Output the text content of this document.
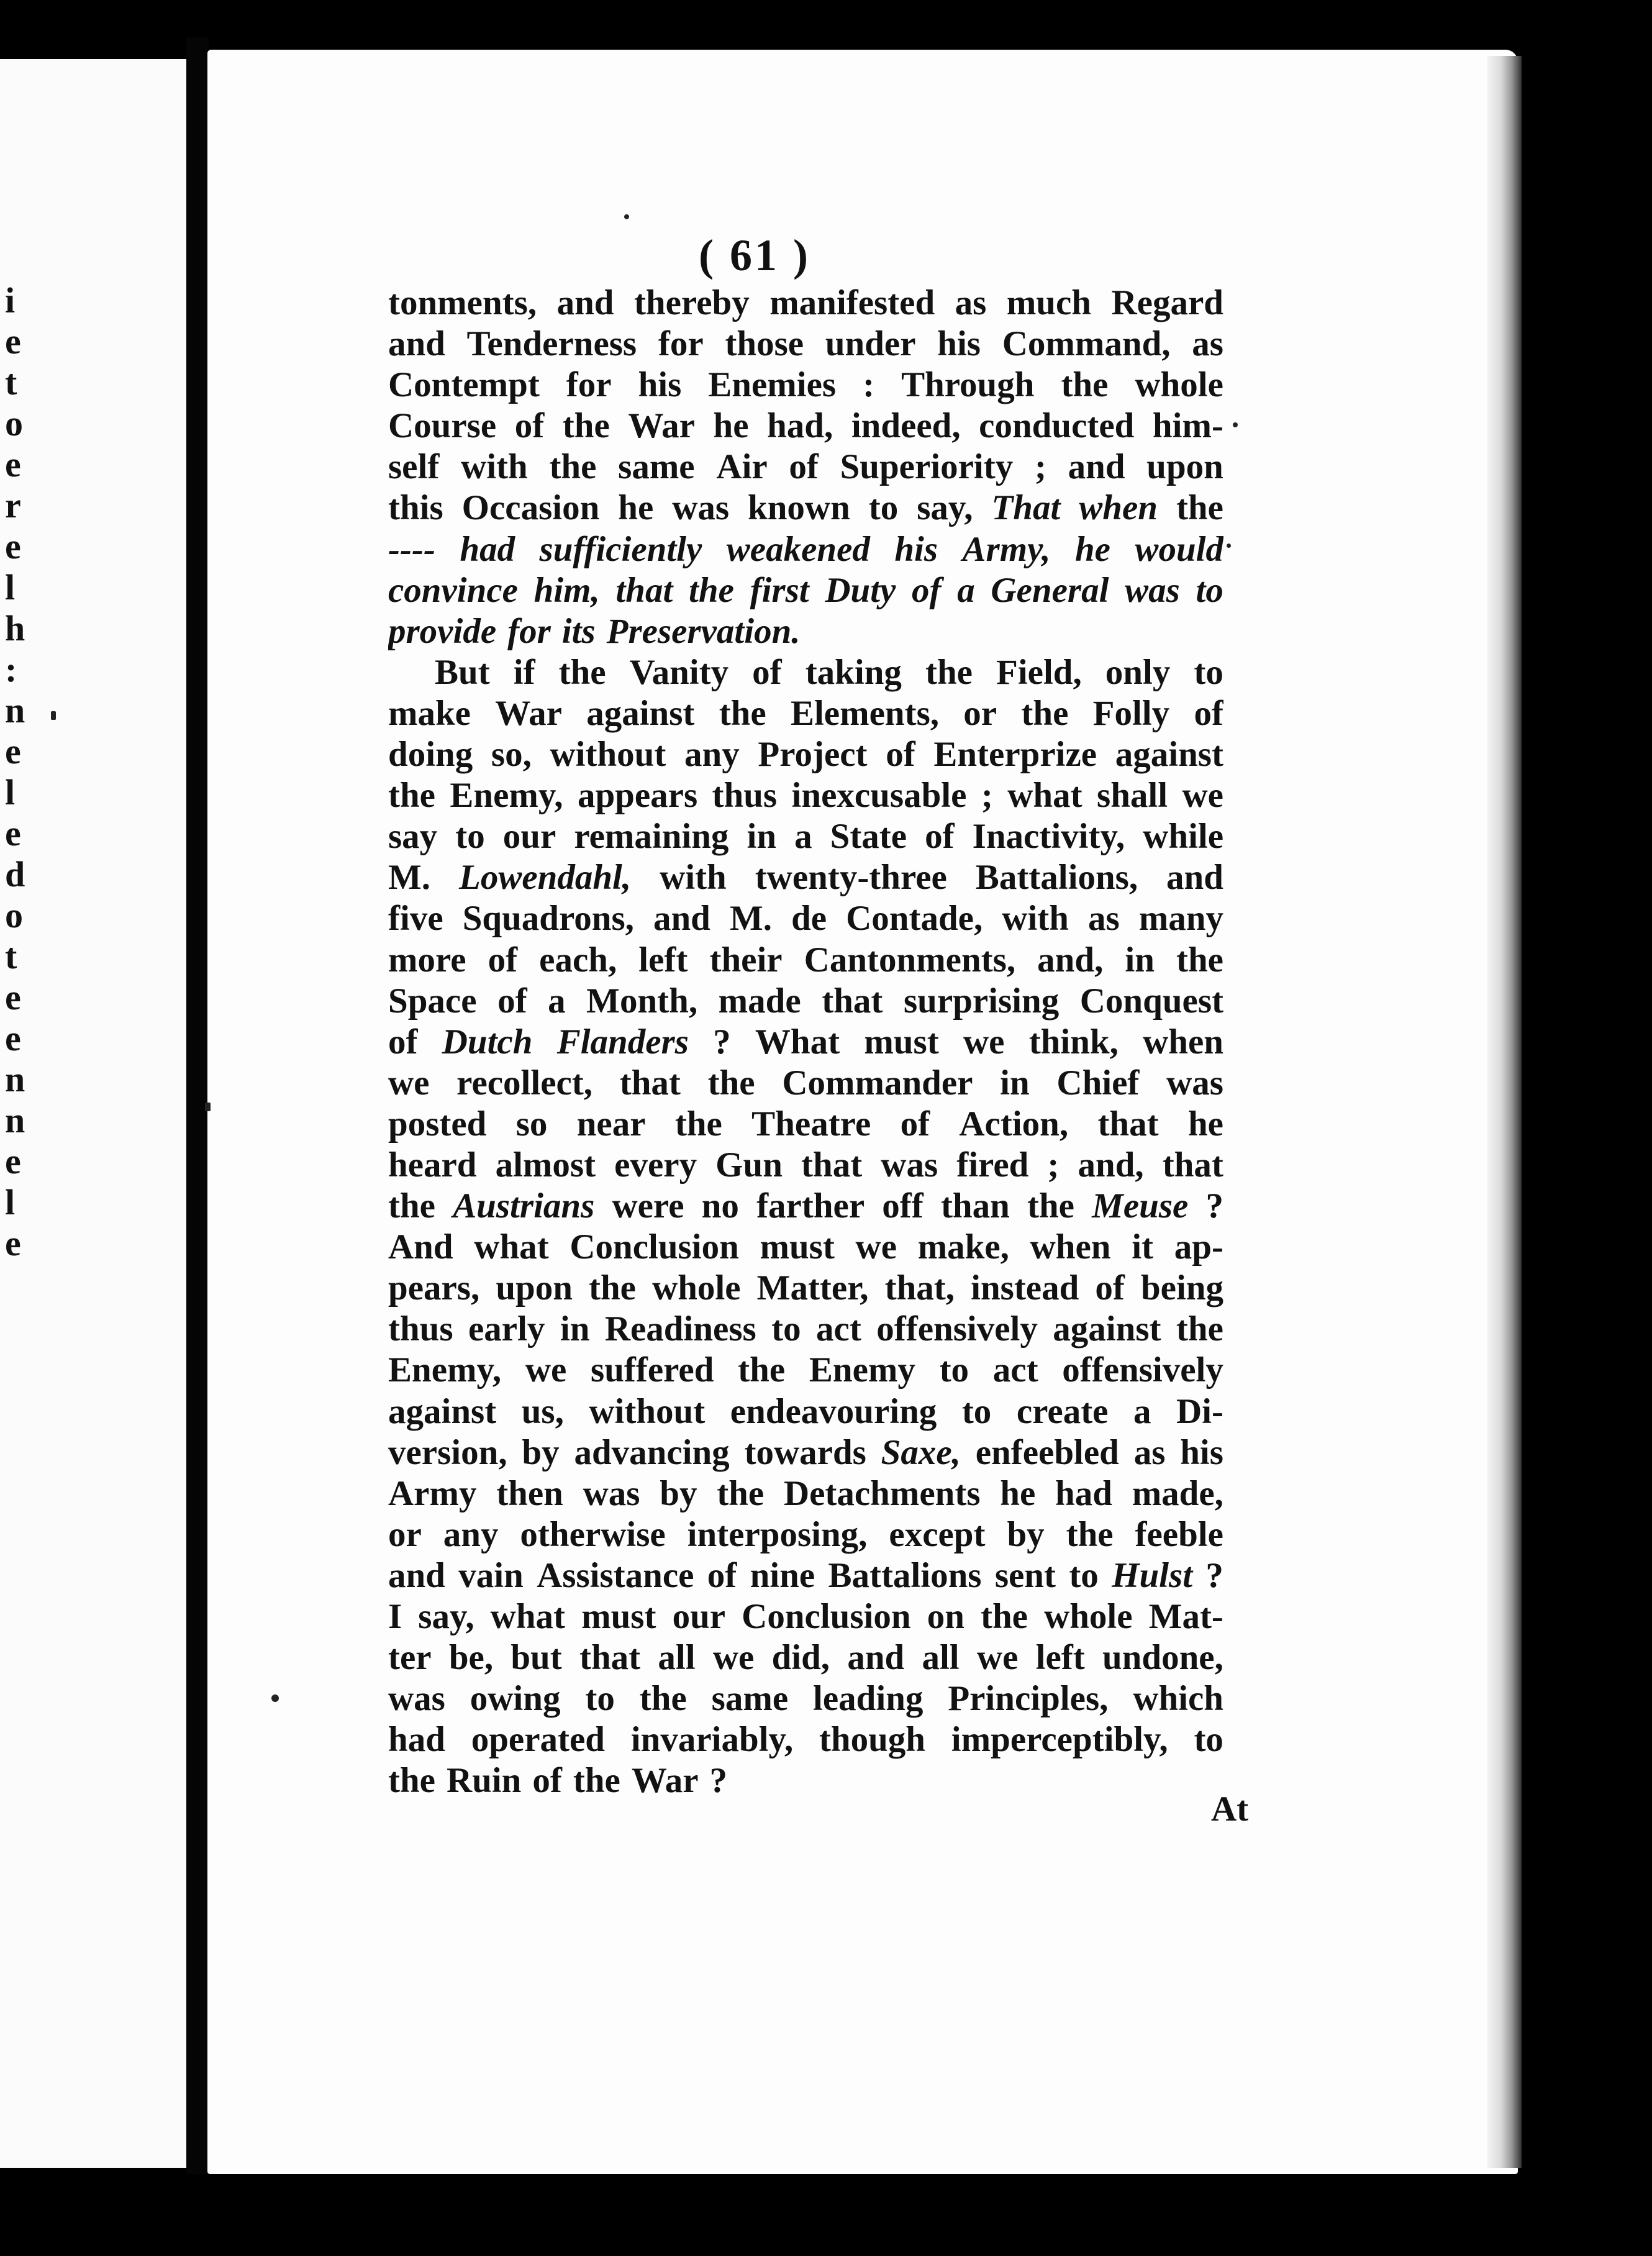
i
e
t
o
e
r
e
l
h
:
n
e
l
e
d
o
t
e
e
n
n
e
l
e
( 61 )
tonments, and thereby manifested as much Regard
and Tenderness for those under his Command, as
Contempt for his Enemies : Through the whole
Course of the War he had, indeed, conducted him-
self with the same Air of Superiority ; and upon
this Occasion he was known to say, That when the
---- had sufficiently weakened his Army, he would
convince him, that the first Duty of a General was to
provide for its Preservation.
But if the Vanity of taking the Field, only to
make War against the Elements, or the Folly of
doing so, without any Project of Enterprize against
the Enemy, appears thus inexcusable ; what shall we
say to our remaining in a State of Inactivity, while
M. Lowendahl, with twenty-three Battalions, and
five Squadrons, and M. de Contade, with as many
more of each, left their Cantonments, and, in the
Space of a Month, made that surprising Conquest
of Dutch Flanders ? What must we think, when
we recollect, that the Commander in Chief was
posted so near the Theatre of Action, that he
heard almost every Gun that was fired ; and, that
the Austrians were no farther off than the Meuse ?
And what Conclusion must we make, when it ap-
pears, upon the whole Matter, that, instead of being
thus early in Readiness to act offensively against the
Enemy, we suffered the Enemy to act offensively
against us, without endeavouring to create a Di-
version, by advancing towards Saxe, enfeebled as his
Army then was by the Detachments he had made,
or any otherwise interposing, except by the feeble
and vain Assistance of nine Battalions sent to Hulst ?
I say, what must our Conclusion on the whole Mat-
ter be, but that all we did, and all we left undone,
was owing to the same leading Principles, which
had operated invariably, though imperceptibly, to
the Ruin of the War ?
At
